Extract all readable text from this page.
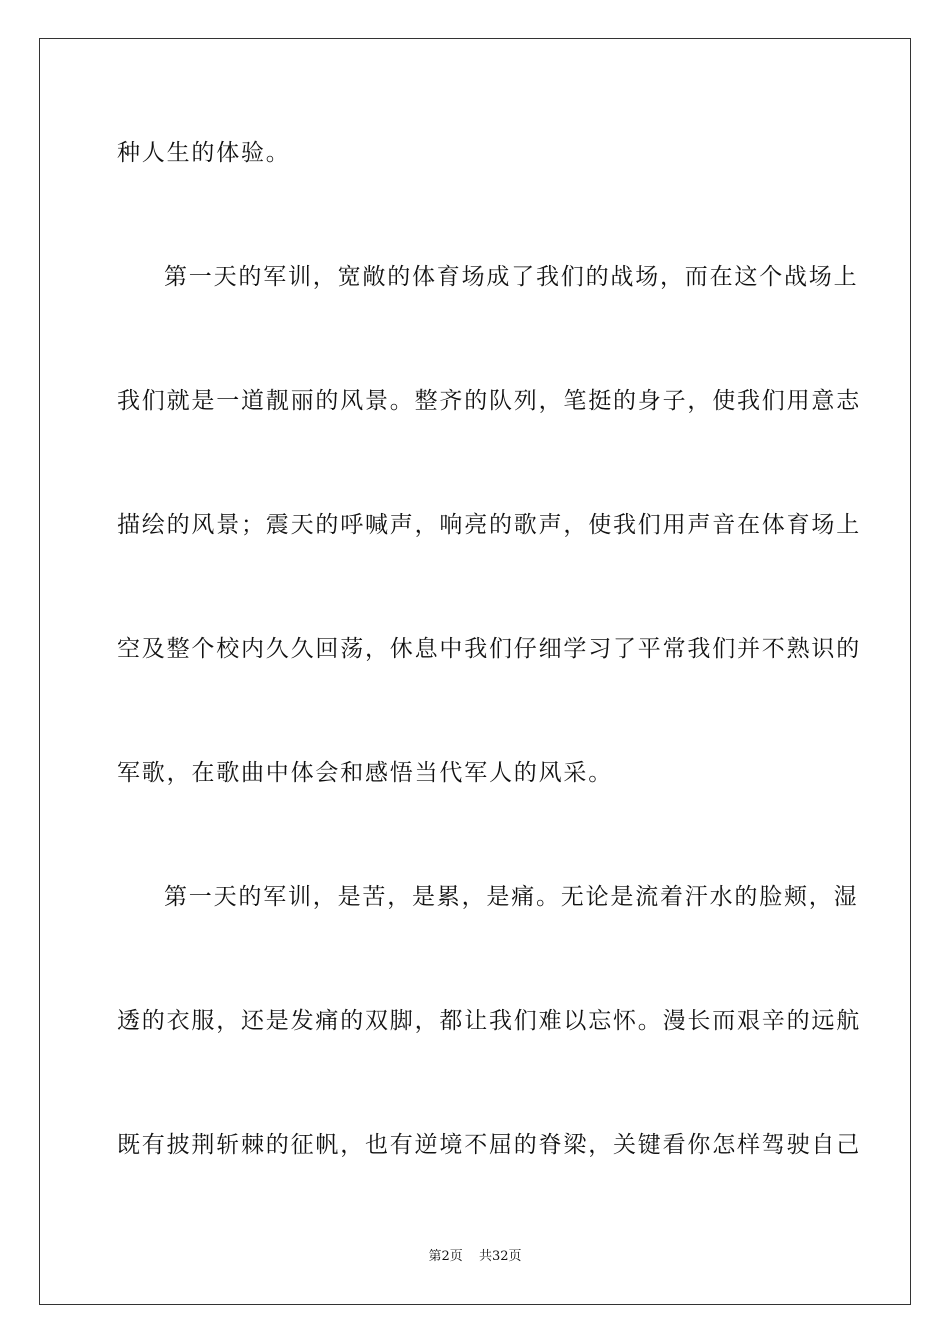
种人生的体验。
第一天的军训，宽敞的体育场成了我们的战场，而在这个战场上
我们就是一道靓丽的风景。整齐的队列，笔挺的身子，使我们用意志
描绘的风景；震天的呼喊声，响亮的歌声，使我们用声音在体育场上
空及整个校内久久回荡，休息中我们仔细学习了平常我们并不熟识的
军歌，在歌曲中体会和感悟当代军人的风采。
第一天的军训，是苦，是累，是痛。无论是流着汗水的脸颊，湿
透的衣服，还是发痛的双脚，都让我们难以忘怀。漫长而艰辛的远航
既有披荆斩棘的征帆，也有逆境不屈的脊梁，关键看你怎样驾驶自己
第2页 共32页
